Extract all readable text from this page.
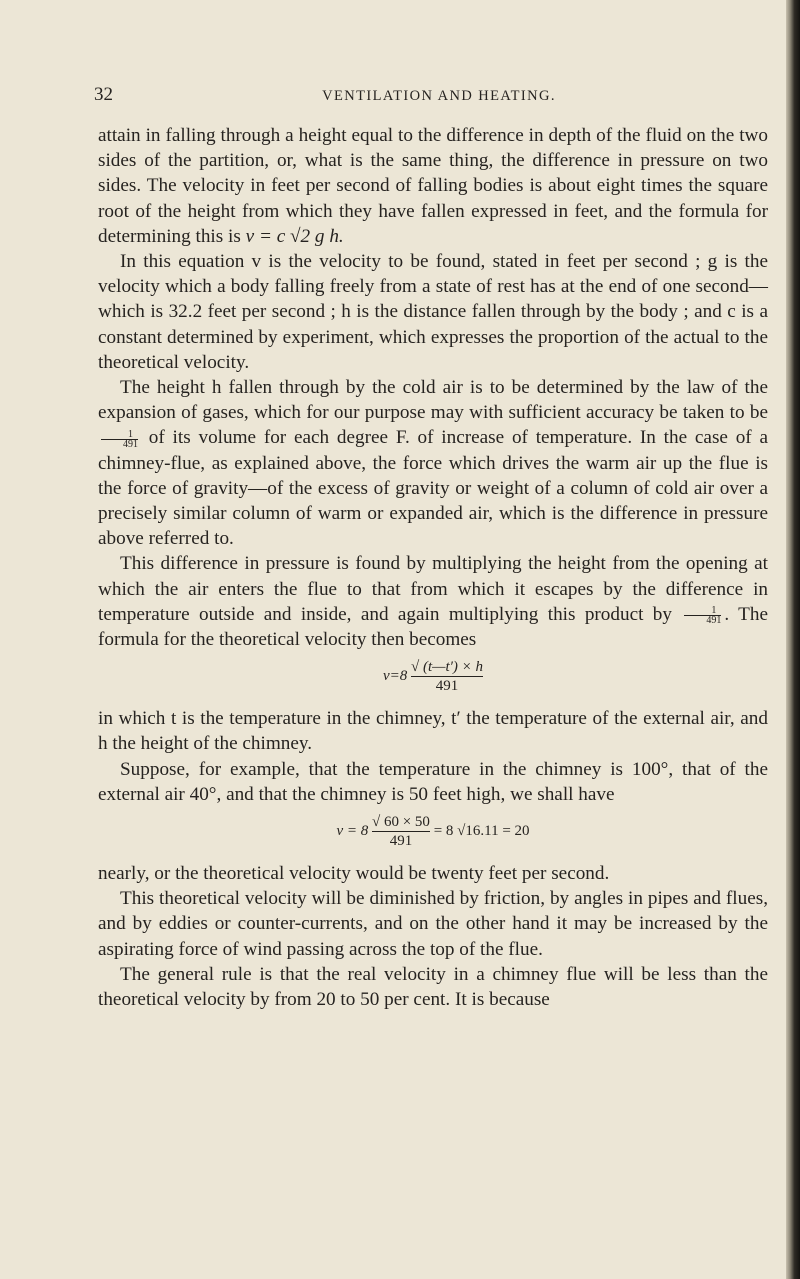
32	VENTILATION AND HEATING.

attain in falling through a height equal to the difference in depth of the fluid on the two sides of the partition, or, what is the same thing, the difference in pressure on two sides. The velocity in feet per second of falling bodies is about eight times the square root of the height from which they have fallen expressed in feet, and the formula for determining this is v = c √2 g h.

In this equation v is the velocity to be found, stated in feet per second ; g is the velocity which a body falling freely from a state of rest has at the end of one second—which is 32.2 feet per second ; h is the distance fallen through by the body ; and c is a constant determined by experiment, which expresses the proportion of the actual to the theoretical velocity.

The height h fallen through by the cold air is to be determined by the law of the expansion of gases, which for our purpose may with sufficient accuracy be taken to be
$\frac{1}{491}$ of its volume for each degree F. of increase of temperature. In the case of a chimney-flue, as explained above, the force which drives the warm air up the flue is the force of gravity—of the excess of gravity or weight of a column of cold air over a precisely similar column of warm or expanded air, which is the difference in pressure above referred to.

This difference in pressure is found by multiplying the height from the opening at which the air enters the flue to that from which it escapes by the difference in temperature outside and inside, and again multiplying this product by $\frac{1}{491}$ . The formula for the theoretical velocity then becomes

$v=8 \frac{√ (t—t') \times h}{491}$

in which t is the temperature in the chimney, t′ the temperature of the external air, and h the height of the chimney.

Suppose, for example, that the temperature in the chimney is 100°, that of the external air 40°, and that the chimney is 50 feet high, we shall have

$v = 8 \frac{√ 60 \times 50}{491} = 8$ √16.11 = 20

nearly, or the theoretical velocity would be twenty feet per second.

This theoretical velocity will be diminished by friction, by angles in pipes and flues, and by eddies or counter-currents, and on the other hand it may be increased by the aspirating force of wind passing across the top of the flue.

The general rule is that the real velocity in a chimney flue will be less than the theoretical velocity by from 20 to 50 per cent. It is because
